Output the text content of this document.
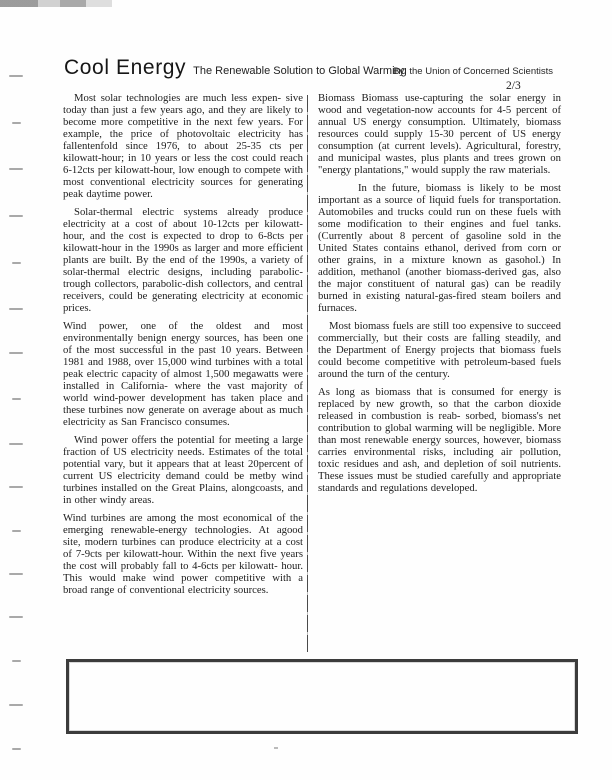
Cool Energy The Renewable Solution to Global Warming
By: the Union of Concerned Scientists
2/3

Most solar technologies are much less expen- sive today than just a few years ago, and they are likely to become more competitive in the next few years. For example, the price of photovoltaic electricity has fallentenfold since 1976, to about 25-35 cts per kilowatt-hour; in 10 years or less the cost could reach 6-12cts per kilowatt-hour, low enough to compete with most conventional electricity sources for generating peak daytime power.

Solar-thermal electric systems already produce electricity at a cost of about 10-12cts per kilowatt-hour, and the cost is expected to drop to 6-8cts per kilowatt-hour in the 1990s as larger and more efficient plants are built. By the end of the 1990s, a variety of solar-thermal electric designs, including parabolic-trough collectors, parabolic-dish collectors, and central receivers, could be generating electricity at economic prices.

Wind power, one of the oldest and most environmentally benign energy sources, has been one of the most successful in the past 10 years. Between 1981 and 1988, over 15,000 wind turbines with a total peak electric capacity of almost 1,500 megawatts were installed in California- where the vast majority of world wind-power development has taken place and these turbines now generate on average about as much electricity as San Francisco consumes.

Wind power offers the potential for meeting a large fraction of US electricity needs. Estimates of the total potential vary, but it appears that at least 20percent of current US electricity demand could be metby wind turbines installed on the Great Plains, alongcoasts, and in other windy areas.

Wind turbines are among the most economical of the emerging renewable-energy technologies. At agood site, modern turbines can produce electricity at a cost of 7-9cts per kilowatt-hour. Within the next five years the cost will probably fall to 4-6cts per kilowatt- hour. This would make wind power competitive with a broad range of conventional electricity sources.

Biomass Biomass use-capturing the solar energy in wood and vegetation-now accounts for 4-5 percent of annual US energy consumption. Ultimately, biomass resources could supply 15-30 percent of US energy consumption (at current levels). Agricultural, forestry, and municipal wastes, plus plants and trees grown on "energy plantations," would supply the raw materials.

In the future, biomass is likely to be most important as a source of liquid fuels for transportation. Automobiles and trucks could run on these fuels with some modification to their engines and fuel tanks. (Currently about 8 percent of gasoline sold in the United States contains ethanol, derived from corn or other grains, in a mixture known as gasohol.) In addition, methanol (another biomass-derived gas, also the major constituent of natural gas) can be readily burned in existing natural-gas-fired steam boilers and furnaces.

Most biomass fuels are still too expensive to succeed commercially, but their costs are falling steadily, and the Department of Energy projects that biomass fuels could become competitive with petroleum-based fuels around the turn of the century.

As long as biomass that is consumed for energy is replaced by new growth, so that the carbon dioxide released in combustion is reab- sorbed, biomass's net contribution to global warming will be negligible. More than most renewable energy sources, however, biomass carries environmental risks, including air pollution, toxic residues and ash, and depletion of soil nutrients. These issues must be studied carefully and appropriate standards and regulations developed.
